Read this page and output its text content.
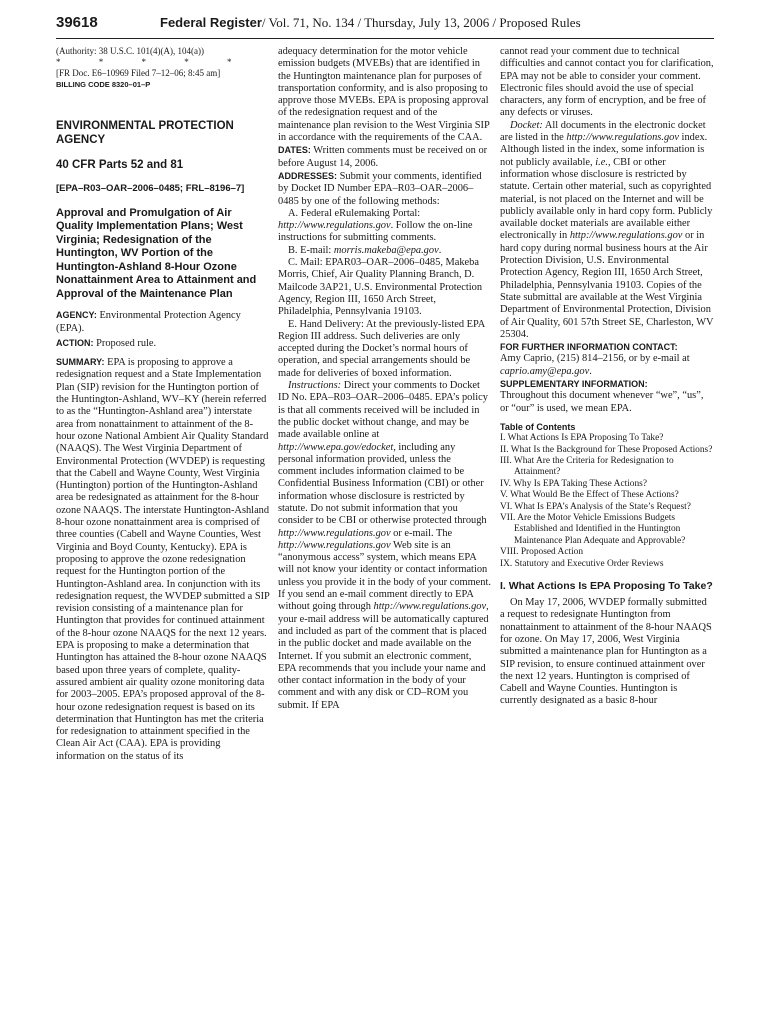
39618	Federal Register/ Vol. 71, No. 134 / Thursday, July 13, 2006 / Proposed Rules

(Authority: 38 U.S.C. 101(4)(A), 104(a))

* * * * *

[FR Doc. E6–10969 Filed 7–12–06; 8:45 am]

BILLING CODE 8320–01–P

ENVIRONMENTAL PROTECTION AGENCY

40 CFR Parts 52 and 81

[EPA–R03–OAR–2006–0485; FRL–8196–7]

Approval and Promulgation of Air Quality Implementation Plans; West Virginia; Redesignation of the Huntington, WV Portion of the Huntington-Ashland 8-Hour Ozone Nonattainment Area to Attainment and Approval of the Maintenance Plan

AGENCY: Environmental Protection Agency (EPA).

ACTION: Proposed rule.

SUMMARY: EPA is proposing to approve a redesignation request and a State Implementation Plan (SIP) revision for the Huntington portion of the Huntington-Ashland, WV–KY (herein referred to as the “Huntington-Ashland area”) interstate area from nonattainment to attainment of the 8-hour ozone National Ambient Air Quality Standard (NAAQS). The West Virginia Department of Environmental Protection (WVDEP) is requesting that the Cabell and Wayne County, West Virginia (Huntington) portion of the Huntington-Ashland area be redesignated as attainment for the 8-hour ozone NAAQS. The interstate Huntington-Ashland 8-hour ozone nonattainment area is comprised of three counties (Cabell and Wayne Counties, West Virginia and Boyd County, Kentucky). EPA is proposing to approve the ozone redesignation request for the Huntington portion of the Huntington-Ashland area. In conjunction with its redesignation request, the WVDEP submitted a SIP revision consisting of a maintenance plan for Huntington that provides for continued attainment of the 8-hour ozone NAAQS for the next 12 years. EPA is proposing to make a determination that Huntington has attained the 8-hour ozone NAAQS based upon three years of complete, quality-assured ambient air quality ozone monitoring data for 2003–2005. EPA’s proposed approval of the 8-hour ozone redesignation request is based on its determination that Huntington has met the criteria for redesignation to attainment specified in the Clean Air Act (CAA). EPA is providing information on the status of its

adequacy determination for the motor vehicle emission budgets (MVEBs) that are identified in the Huntington maintenance plan for purposes of transportation conformity, and is also proposing to approve those MVEBs. EPA is proposing approval of the redesignation request and of the maintenance plan revision to the West Virginia SIP in accordance with the requirements of the CAA.

DATES: Written comments must be received on or before August 14, 2006.

ADDRESSES: Submit your comments, identified by Docket ID Number EPA–R03–OAR–2006–0485 by one of the following methods:

A. Federal eRulemaking Portal: http://www.regulations.gov. Follow the on-line instructions for submitting comments.

B. E-mail: morris.makeba@epa.gov.

C. Mail: EPAR03–OAR–2006–0485, Makeba Morris, Chief, Air Quality Planning Branch, D. Mailcode 3AP21, U.S. Environmental Protection Agency, Region III, 1650 Arch Street, Philadelphia, Pennsylvania 19103.

E. Hand Delivery: At the previously-listed EPA Region III address. Such deliveries are only accepted during the Docket’s normal hours of operation, and special arrangements should be made for deliveries of boxed information.

Instructions: Direct your comments to Docket ID No. EPA–R03–OAR–2006–0485. EPA’s policy is that all comments received will be included in the public docket without change, and may be made available online at http://www.epa.gov/edocket, including any personal information provided, unless the comment includes information claimed to be Confidential Business Information (CBI) or other information whose disclosure is restricted by statute. Do not submit information that you consider to be CBI or otherwise protected through http://www.regulations.gov or e-mail. The http://www.regulations.gov Web site is an “anonymous access” system, which means EPA will not know your identity or contact information unless you provide it in the body of your comment. If you send an e-mail comment directly to EPA without going through http://www.regulations.gov, your e-mail address will be automatically captured and included as part of the comment that is placed in the public docket and made available on the Internet. If you submit an electronic comment, EPA recommends that you include your name and other contact information in the body of your comment and with any disk or CD–ROM you submit. If EPA

cannot read your comment due to technical difficulties and cannot contact you for clarification, EPA may not be able to consider your comment. Electronic files should avoid the use of special characters, any form of encryption, and be free of any defects or viruses.

Docket: All documents in the electronic docket are listed in the http://www.regulations.gov index. Although listed in the index, some information is not publicly available, i.e., CBI or other information whose disclosure is restricted by statute. Certain other material, such as copyrighted material, is not placed on the Internet and will be publicly available only in hard copy form. Publicly available docket materials are available either electronically in http://www.regulations.gov or in hard copy during normal business hours at the Air Protection Division, U.S. Environmental Protection Agency, Region III, 1650 Arch Street, Philadelphia, Pennsylvania 19103. Copies of the State submittal are available at the West Virginia Department of Environmental Protection, Division of Air Quality, 601 57th Street SE, Charleston, WV 25304.

FOR FURTHER INFORMATION CONTACT:

Amy Caprio, (215) 814–2156, or by e-mail at caprio.amy@epa.gov.

SUPPLEMENTARY INFORMATION:

Throughout this document whenever “we”, “us”, or “our” is used, we mean EPA.

Table of Contents

I. What Actions Is EPA Proposing To Take?
II. What Is the Background for These Proposed Actions?
III. What Are the Criteria for Redesignation to Attainment?
IV. Why Is EPA Taking These Actions?
V. What Would Be the Effect of These Actions?
VI. What Is EPA’s Analysis of the State’s Request?
VII. Are the Motor Vehicle Emissions Budgets Established and Identified in the Huntington Maintenance Plan Adequate and Approvable?
VIII. Proposed Action
IX. Statutory and Executive Order Reviews

I. What Actions Is EPA Proposing To Take?

On May 17, 2006, WVDEP formally submitted a request to redesignate Huntington from nonattainment to attainment of the 8-hour NAAQS for ozone. On May 17, 2006, West Virginia submitted a maintenance plan for Huntington as a SIP revision, to ensure continued attainment over the next 12 years. Huntington is comprised of Cabell and Wayne Counties. Huntington is currently designated as a basic 8-hour
